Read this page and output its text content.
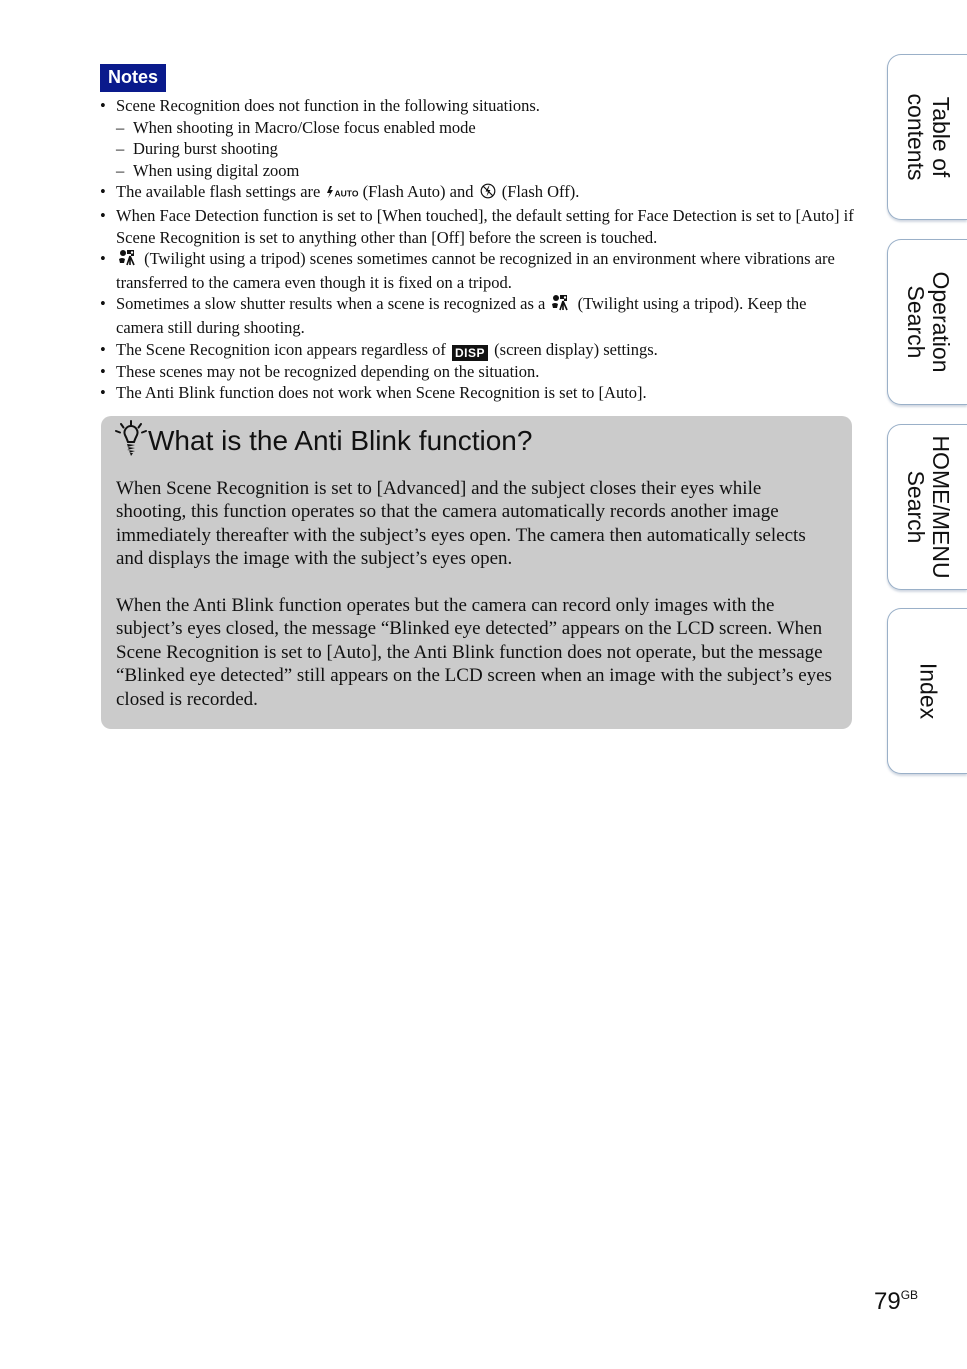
Notes
• Scene Recognition does not function in the following situations.
– When shooting in Macro/Close focus enabled mode
– During burst shooting
– When using digital zoom
• The available flash settings are AUTO (Flash Auto) and  (Flash Off).
• When Face Detection function is set to [When touched], the default setting for Face Detection is set to [Auto] if Scene Recognition is set to anything other than [Off] before the screen is touched.
• (Twilight using a tripod) scenes sometimes cannot be recognized in an environment where vibrations are transferred to the camera even though it is fixed on a tripod.
• Sometimes a slow shutter results when a scene is recognized as a  (Twilight using a tripod). Keep the camera still during shooting.
• The Scene Recognition icon appears regardless of DISP (screen display) settings.
• These scenes may not be recognized depending on the situation.
• The Anti Blink function does not work when Scene Recognition is set to [Auto].
What is the Anti Blink function?

When Scene Recognition is set to [Advanced] and the subject closes their eyes while shooting, this function operates so that the camera automatically records another image immediately thereafter with the subject’s eyes open. The camera then automatically selects and displays the image with the subject’s eyes open.

When the Anti Blink function operates but the camera can record only images with the subject’s eyes closed, the message “Blinked eye detected” appears on the LCD screen. When Scene Recognition is set to [Auto], the Anti Blink function does not operate, but the message “Blinked eye detected” still appears on the LCD screen when an image with the subject’s eyes closed is recorded.

Table of
contents
Operation
Search
HOME/MENU
Search
Index
$79^{GB}$
